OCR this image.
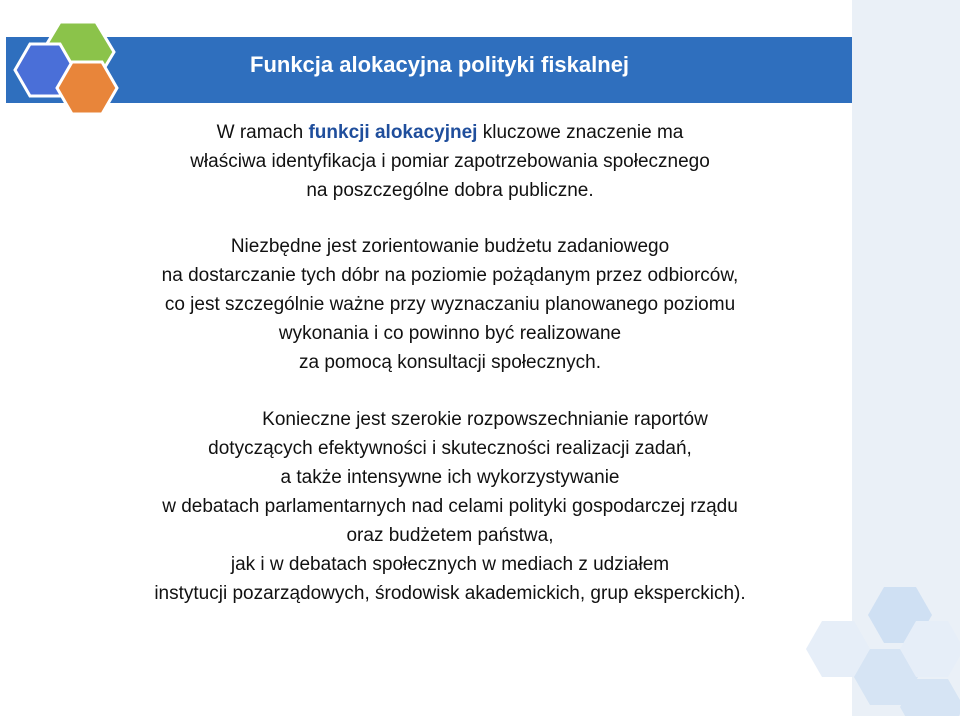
Funkcja alokacyjna polityki fiskalnej
W ramach funkcji alokacyjnej kluczowe znaczenie ma
właściwa identyfikacja i pomiar zapotrzebowania społecznego
na poszczególne dobra publiczne.
Niezbędne jest zorientowanie budżetu zadaniowego
na dostarczanie tych dóbr na poziomie pożądanym przez odbiorców,
co jest szczególnie ważne przy wyznaczaniu planowanego poziomu
wykonania i co powinno być realizowane
za pomocą konsultacji społecznych.
Konieczne jest szerokie rozpowszechnianie raportów
dotyczących efektywności i skuteczności realizacji zadań,
a także intensywne ich wykorzystywanie
w debatach parlamentarnych nad celami polityki gospodarczej rządu
oraz budżetem państwa,
jak i w debatach społecznych w mediach z udziałem
instytucji pozarządowych, środowisk akademickich, grup eksperckich).
